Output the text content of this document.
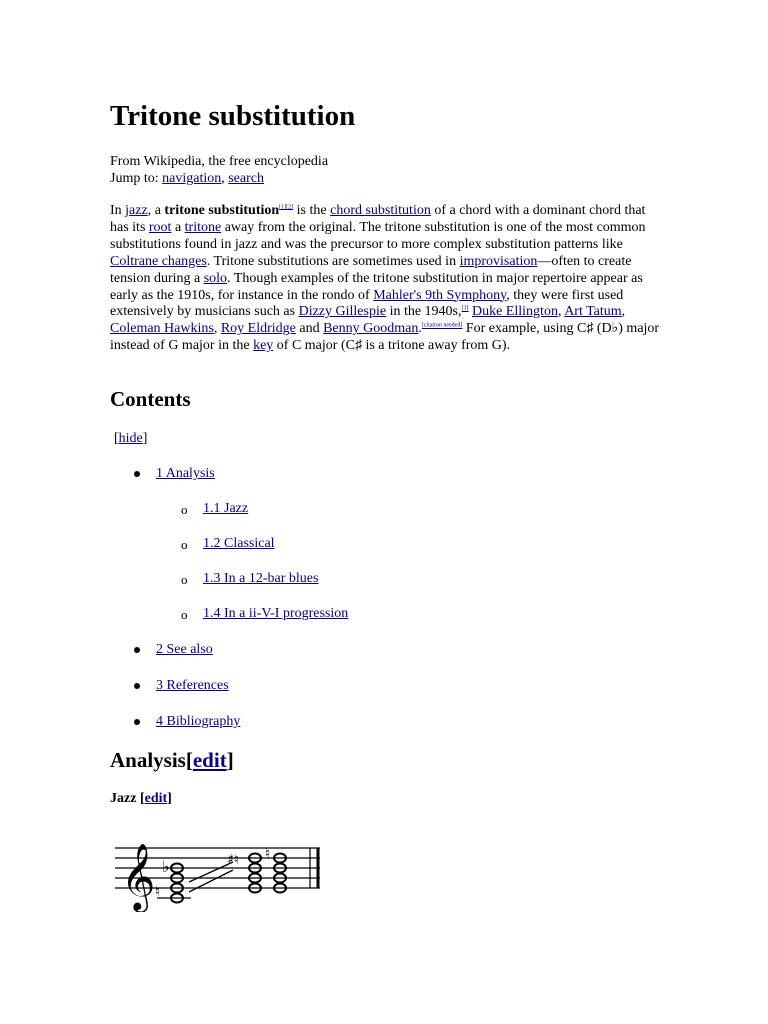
Tritone substitution
From Wikipedia, the free encyclopedia
Jump to: navigation, search

In jazz, a tritone substitution[1][2] is the chord substitution of a chord with a dominant chord that has its root a tritone away from the original. The tritone substitution is one of the most common substitutions found in jazz and was the precursor to more complex substitution patterns like Coltrane changes. Tritone substitutions are sometimes used in improvisation—often to create tension during a solo. Though examples of the tritone substitution in major repertoire appear as early as the 1910s, for instance in the rondo of Mahler's 9th Symphony, they were first used extensively by musicians such as Dizzy Gillespie in the 1940s,[3] Duke Ellington, Art Tatum, Coleman Hawkins, Roy Eldridge and Benny Goodman.[citation needed] For example, using C♯ (D♭) major instead of G major in the key of C major (C♯ is a tritone away from G).

Contents
[hide]
1 Analysis
o 1.1 Jazz
o 1.2 Classical
o 1.3 In a 12-bar blues
o 1.4 In a ii-V-I progression
2 See also
3 References
4 Bibliography
Analysis[edit]
Jazz [edit]
𝄞 ♭
♮
♯♮ ♮
